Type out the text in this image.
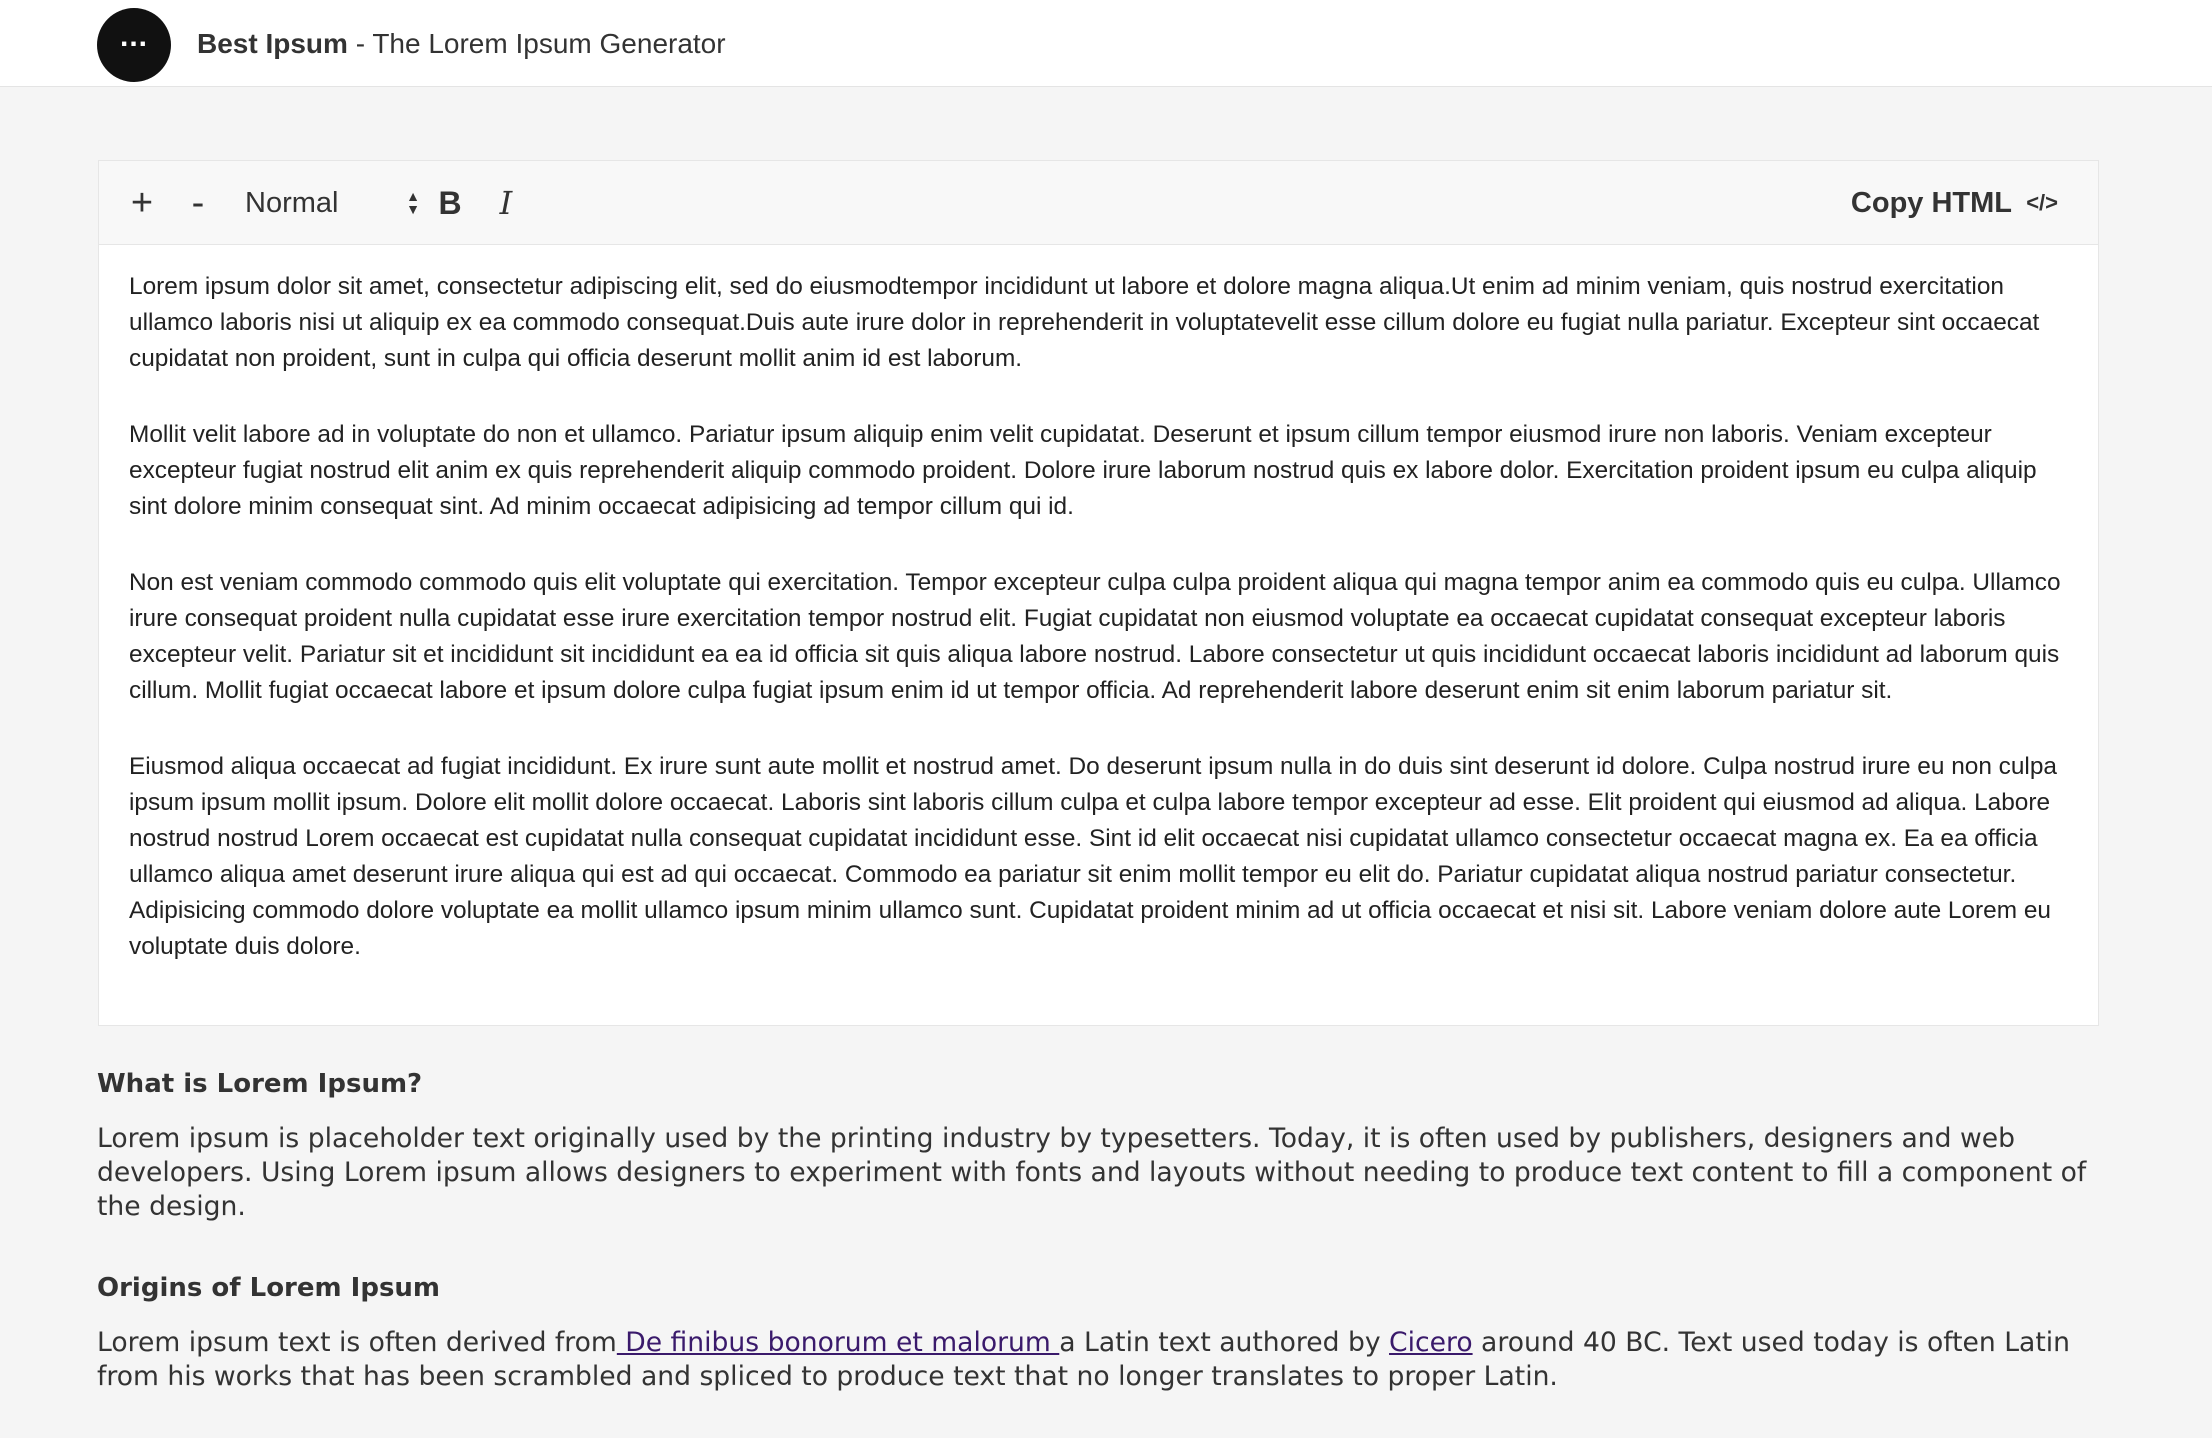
... Best Ipsum - The Lorem Ipsum Generator
+ - Normal	▲
▼ B I	Copy HTML </>

Lorem ipsum dolor sit amet, consectetur adipiscing elit, sed do eiusmodtempor incididunt ut labore et dolore magna aliqua.Ut enim ad minim veniam, quis nostrud exercitation ullamco laboris nisi ut aliquip ex ea commodo consequat.Duis aute irure dolor in reprehenderit in voluptatevelit esse cillum dolore eu fugiat nulla pariatur. Excepteur sint occaecat cupidatat non proident, sunt in culpa qui officia deserunt mollit anim id est laborum.

Mollit velit labore ad in voluptate do non et ullamco. Pariatur ipsum aliquip enim velit cupidatat. Deserunt et ipsum cillum tempor eiusmod irure non laboris. Veniam excepteur excepteur fugiat nostrud elit anim ex quis reprehenderit aliquip commodo proident. Dolore irure laborum nostrud quis ex labore dolor. Exercitation proident ipsum eu culpa aliquip sint dolore minim consequat sint. Ad minim occaecat adipisicing ad tempor cillum qui id.

Non est veniam commodo commodo quis elit voluptate qui exercitation. Tempor excepteur culpa culpa proident aliqua qui magna tempor anim ea commodo quis eu culpa. Ullamco irure consequat proident nulla cupidatat esse irure exercitation tempor nostrud elit. Fugiat cupidatat non eiusmod voluptate ea occaecat cupidatat consequat excepteur laboris excepteur velit. Pariatur sit et incididunt sit incididunt ea ea id officia sit quis aliqua labore nostrud. Labore consectetur ut quis incididunt occaecat laboris incididunt ad laborum quis cillum. Mollit fugiat occaecat labore et ipsum dolore culpa fugiat ipsum enim id ut tempor officia. Ad reprehenderit labore deserunt enim sit enim laborum pariatur sit.

Eiusmod aliqua occaecat ad fugiat incididunt. Ex irure sunt aute mollit et nostrud amet. Do deserunt ipsum nulla in do duis sint deserunt id dolore. Culpa nostrud irure eu non culpa ipsum ipsum mollit ipsum. Dolore elit mollit dolore occaecat. Laboris sint laboris cillum culpa et culpa labore tempor excepteur ad esse. Elit proident qui eiusmod ad aliqua. Labore nostrud nostrud Lorem occaecat est cupidatat nulla consequat cupidatat incididunt esse. Sint id elit occaecat nisi cupidatat ullamco consectetur occaecat magna ex. Ea ea officia ullamco aliqua amet deserunt irure aliqua qui est ad qui occaecat. Commodo ea pariatur sit enim mollit tempor eu elit do. Pariatur cupidatat aliqua nostrud pariatur consectetur. Adipisicing commodo dolore voluptate ea mollit ullamco ipsum minim ullamco sunt. Cupidatat proident minim ad ut officia occaecat et nisi sit. Labore veniam dolore aute Lorem eu voluptate duis dolore.

What is Lorem Ipsum?

Lorem ipsum is placeholder text originally used by the printing industry by typesetters. Today, it is often used by publishers, designers and web developers. Using Lorem ipsum allows designers to experiment with fonts and layouts without needing to produce text content to fill a component of the design.

Origins of Lorem Ipsum

Lorem ipsum text is often derived from De finibus bonorum et malorum a Latin text authored by Cicero around 40 BC. Text used today is often Latin from his works that has been scrambled and spliced to produce text that no longer translates to proper Latin.
